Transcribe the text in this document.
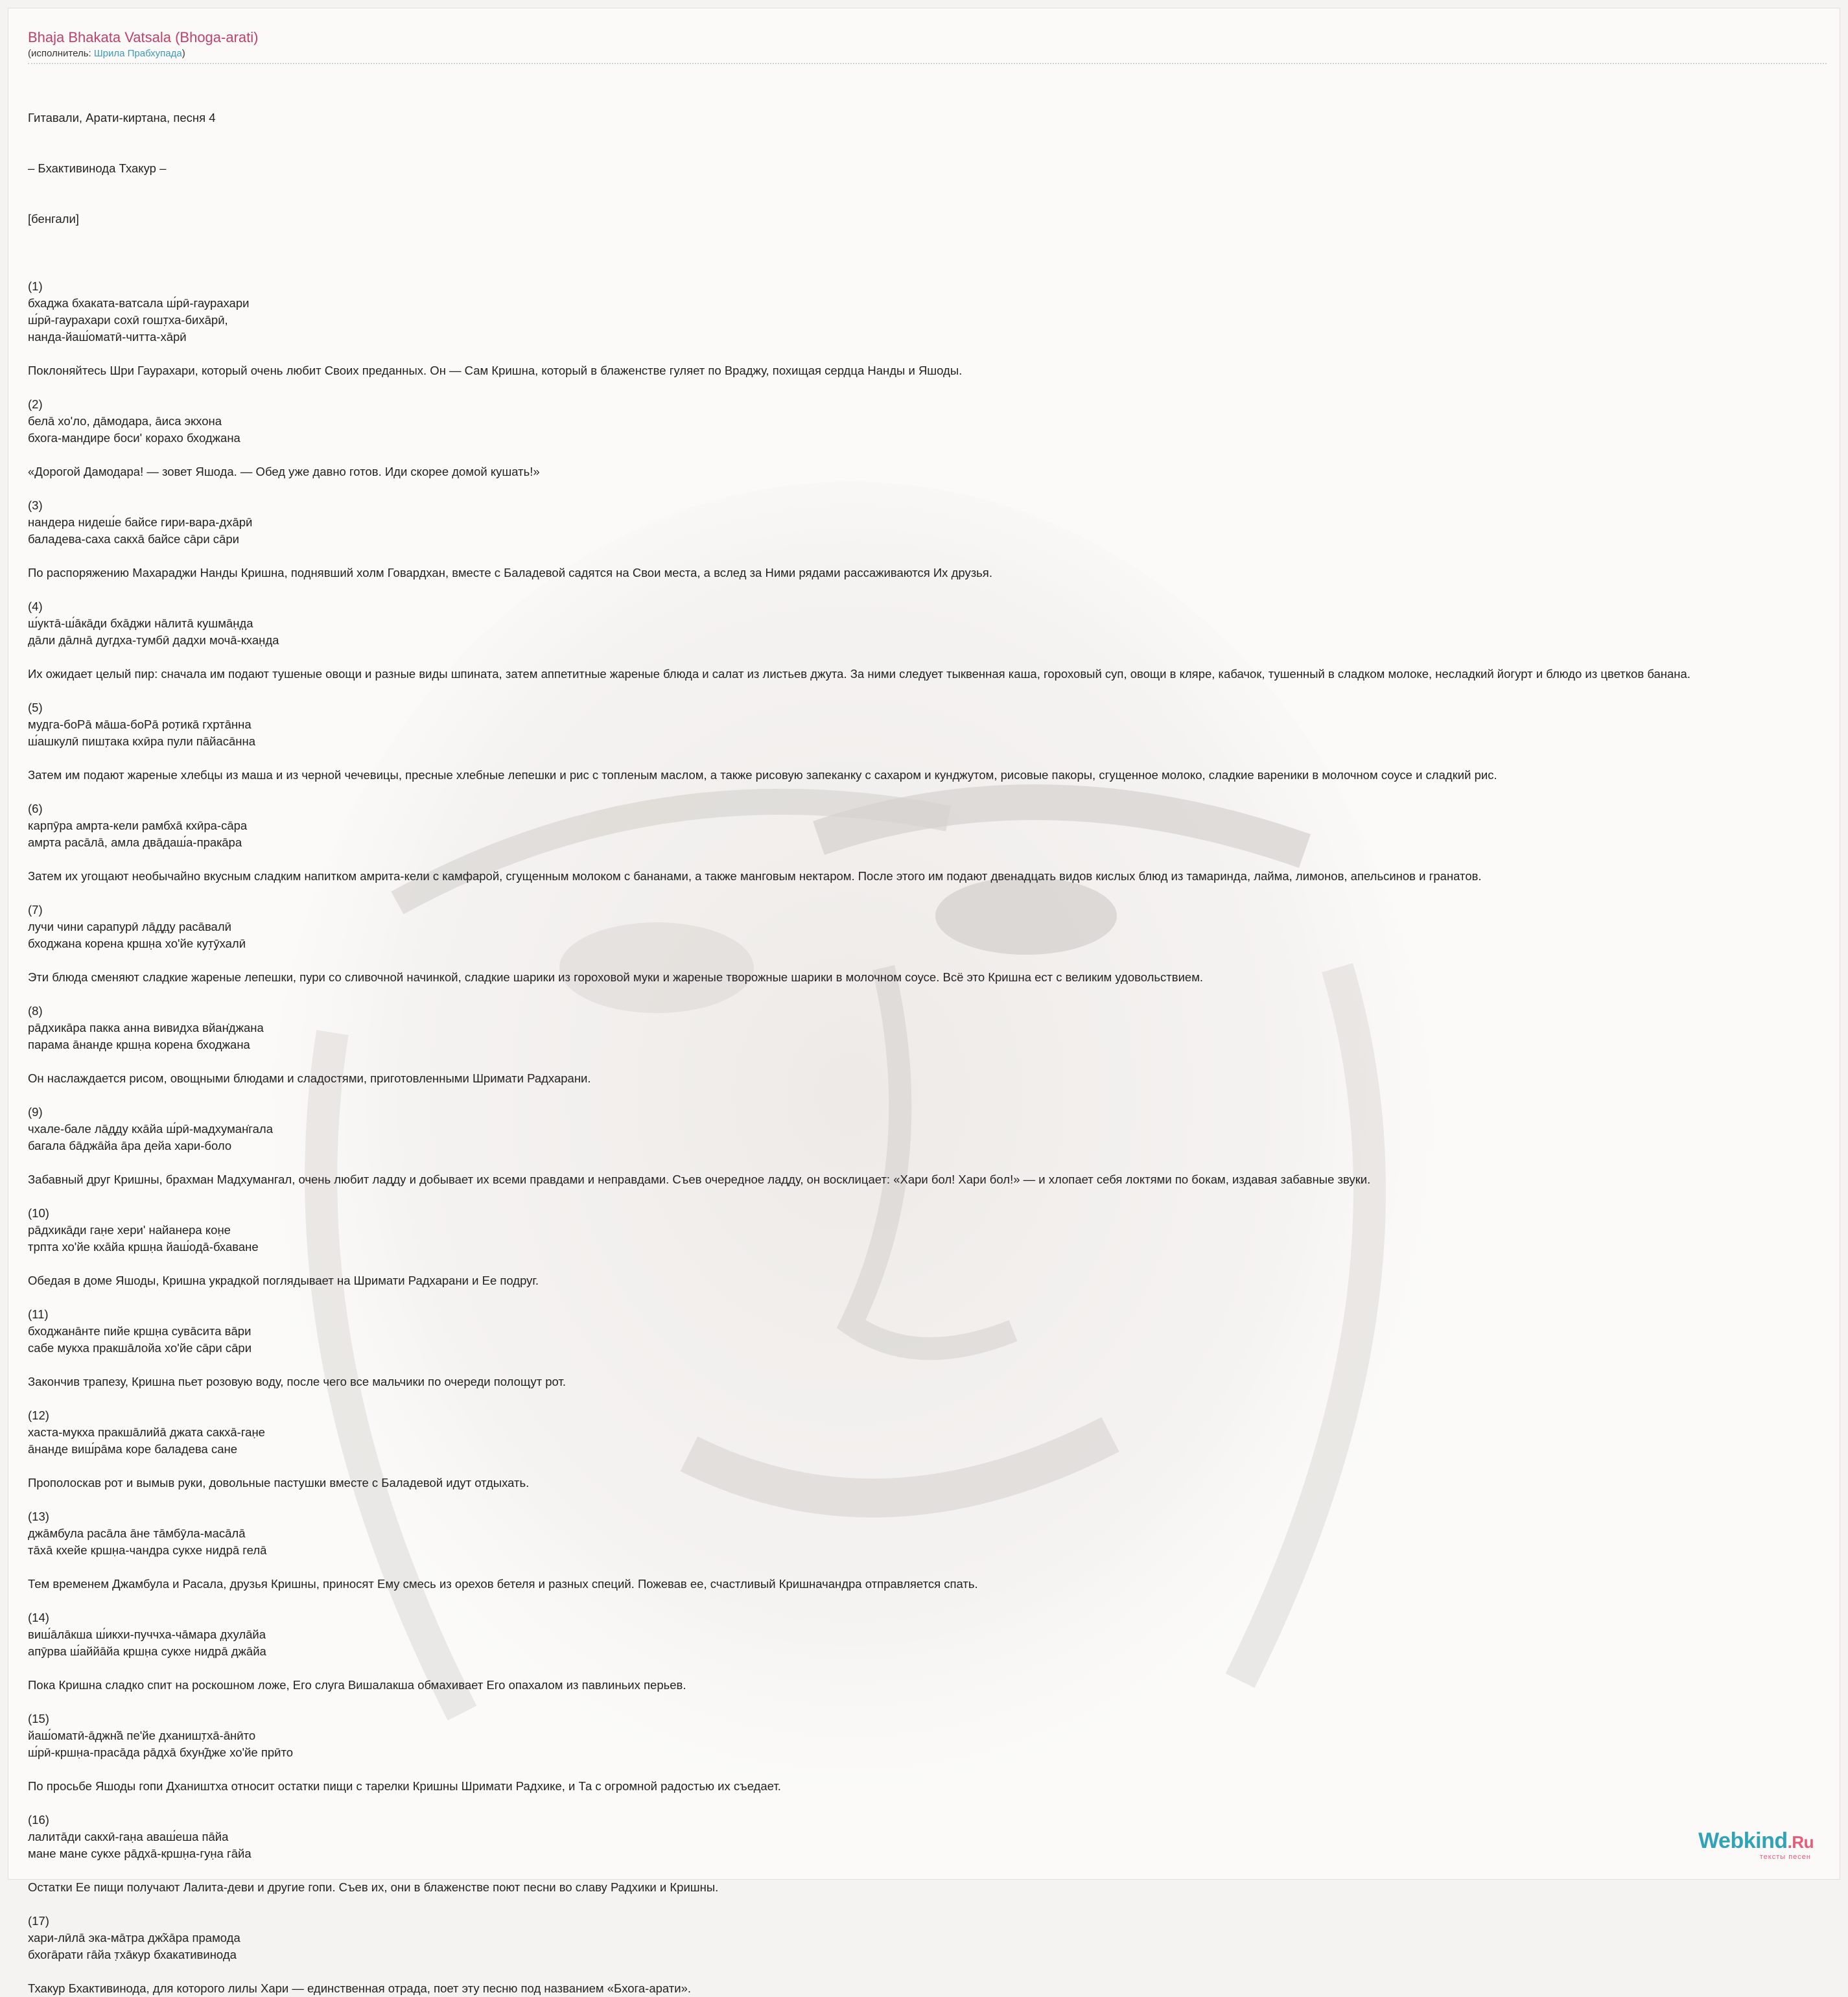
Bhaja Bhakata Vatsala (Bhoga-arati)
(исполнитель: Шрила Прабхупада)

Гитавали, Арати-киртана, песня 4

– Бхактивинода Тхакур –

[бенгали]

(1)

бхаджа бхаката-ватсала ш́рӣ-гаурахари

ш́рӣ-гаурахари сохӣ гошт̣ха-бихāрӣ,

нанда-йаш́оматӣ-читта-хāрӣ

Поклоняйтесь Шри Гаурахари, который очень любит Своих преданных. Он — Сам Кришна, который в блаженстве гуляет по Враджу, похищая сердца Нанды и Яшоды.

(2)

белā хо'ло, дāмодара, āиса экхона

бхога-мандире боси' корахо бходжана

«Дорогой Дамодара! — зовет Яшода. — Обед уже давно готов. Иди скорее домой кушать!»

(3)

нандера нидеш́е байсе гири-вара-дхāрӣ

баладева-саха сакхā байсе сāри сāри

По распоряжению Махараджи Нанды Кришна, поднявший холм Говардхан, вместе с Баладевой садятся на Свои места, а вслед за Ними рядами рассаживаются Их друзья.

(4)

ш́уктā-ш́āкāди бхāджи нāлитā кушмāн̣д̣а

д̣āли д̣āлнā дугдха-тумбӣ дадхи мочā-кхан̣д̣а

Их ожидает целый пир: сначала им подают тушеные овощи и разные виды шпината, затем аппетитные жареные блюда и салат из листьев джута. За ними следует тыквенная каша, гороховый суп, овощи в кляре, кабачок, тушенный в сладком молоке, несладкий йогурт и блюдо из цветков банана.

(5)

мудга-боРā мāша-боРā рот̣икā гхртāнна

ш́ашкулӣ пишт̣ака кхӣра пули пāйасāнна

Затем им подают жареные хлебцы из маша и из черной чечевицы, пресные хлебные лепешки и рис с топленым маслом, а также рисовую запеканку с сахаром и кунджутом, рисовые пакоры, сгущенное молоко, сладкие вареники в молочном соусе и сладкий рис.

(6)

карпӯра амрта-кели рамбхā кхӣра-сāра

амрта расāлā, амла двāдаш́а-пракāра

Затем их угощают необычайно вкусным сладким напитком амрита-кели с камфарой, сгущенным молоком с бананами, а также манговым нектаром. После этого им подают двенадцать видов кислых блюд из тамаринда, лайма, лимонов, апельсинов и гранатов.

(7)

лучи чини сарапурӣ лāд̣д̣у расāвалӣ

бходжана корена кршн̣а хо'йе кут̣ӯхалӣ

Эти блюда сменяют сладкие жареные лепешки, пури со сливочной начинкой, сладкие шарики из гороховой муки и жареные творожные шарики в молочном соусе. Всё это Кришна ест с великим удовольствием.

(8)

рāдхикāра пакка анна вивидха вйан̇джана

парама āнанде кршн̣а корена бходжана

Он наслаждается рисом, овощными блюдами и сладостями, приготовленными Шримати Радхарани.

(9)

чхале-бале лāд̣д̣у кхāйа ш́рӣ-мадхуман̇гала

багала бāджāйа āра дейа хари-боло

Забавный друг Кришны, брахман Мадхумангал, очень любит ладду и добывает их всеми правдами и неправдами. Съев очередное ладду, он восклицает: «Хари бол! Хари бол!» — и хлопает себя локтями по бокам, издавая забавные звуки.

(10)

рāдхикāди ган̣е хери' найанера кон̣е

трпта хо'йе кхāйа кршн̣а йаш́одā-бхаване

Обедая в доме Яшоды, Кришна украдкой поглядывает на Шримати Радхарани и Ее подруг.

(11)

бходжанāнте пийе кршн̣а сувāсита вāри

сабе мукха пракшāлойа хо'йе сāри сāри

Закончив трапезу, Кришна пьет розовую воду, после чего все мальчики по очереди полощут рот.

(12)

хаста-мукха пракшāлийā джата сакхā-ган̣е

āнанде виш́рāма коре баладева сане

Прополоскав рот и вымыв руки, довольные пастушки вместе с Баладевой идут отдыхать.

(13)

джāмбула расāла āне тāмбӯла-масāлā

тāхā кхейе кршн̣а-чандра сукхе нидрā гелā

Тем временем Джамбула и Расала, друзья Кришны, приносят Ему смесь из орехов бетеля и разных специй. Пожевав ее, счастливый Кришначандра отправляется спать.

(14)

виш́āлāкша ш́икхи-пуччха-чāмара д̣хулāйа

апӯрва ш́аййāйа кршн̣а сукхе нидрā джāйа

Пока Кришна сладко спит на роскошном ложе, Его слуга Вишалакша обмахивает Его опахалом из павлиньих перьев.

(15)

йаш́оматӣ-āджн̃ā пе'йе дханишт̣хā-āнӣто

ш́рӣ-кршн̣а-прасāда рāдхā бхун̃дже хо'йе прӣто

По просьбе Яшоды гопи Дхаништха относит остатки пищи с тарелки Кришны Шримати Радхике, и Та с огромной радостью их съедает.

(16)

лалитāди сакхӣ-ган̣а аваш́еша пāйа

мане мане сукхе рāдхā-кршн̣а-гун̣а гāйа

Остатки Ее пищи получают Лалита-деви и другие гопи. Съев их, они в блаженстве поют песни во славу Радхики и Кришны.

(17)

хари-лӣлā эка-мāтра дж̃хāра прамода

бхогāрати гāйа т̣хāкур бхакативинода

Тхакур Бхактивинода, для которого лилы Хари — единственная отрада, поет эту песню под названием «Бхога-арати».

Webkind.Ru
тексты песен
